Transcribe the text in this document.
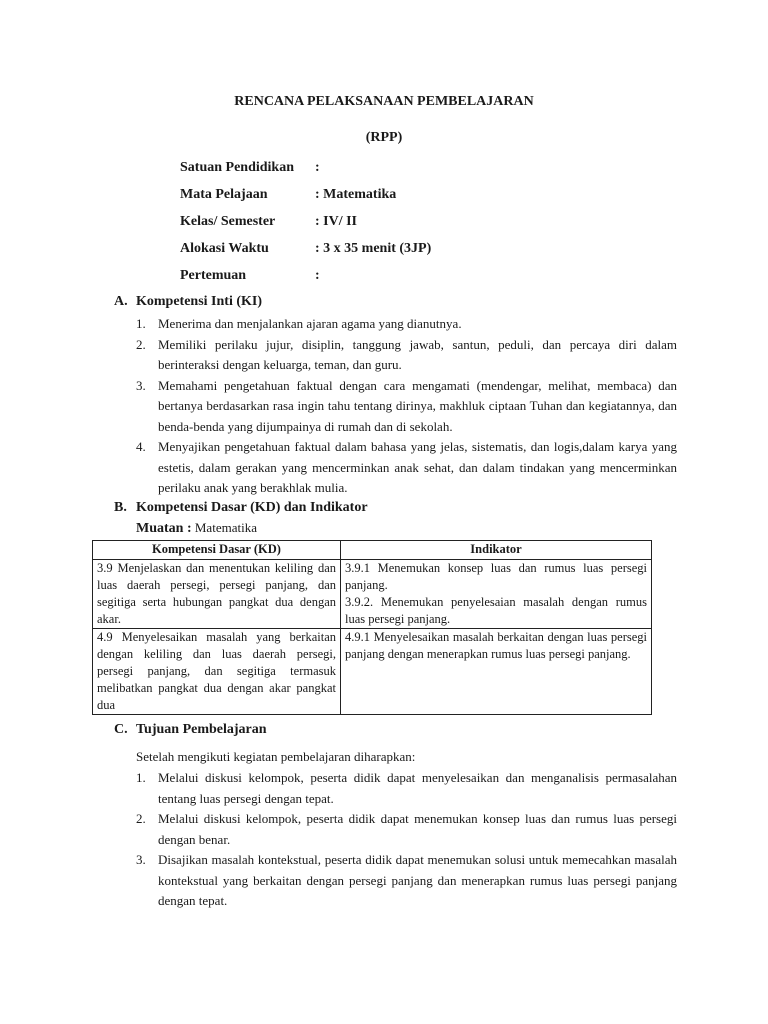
RENCANA PELAKSANAAN PEMBELAJARAN
(RPP)
Satuan Pendidikan :
Mata Pelajaan	: Matematika
Kelas/ Semester	: IV/ II
Alokasi Waktu	: 3 x 35 menit (3JP)
Pertemuan	:
A. Kompetensi Inti (KI)
1. Menerima dan menjalankan ajaran agama yang dianutnya.
2. Memiliki perilaku jujur, disiplin, tanggung jawab, santun, peduli, dan percaya diri dalam berinteraksi dengan keluarga, teman, dan guru.
3. Memahami pengetahuan faktual dengan cara mengamati (mendengar, melihat, membaca) dan bertanya berdasarkan rasa ingin tahu tentang dirinya, makhluk ciptaan Tuhan dan kegiatannya, dan benda-benda yang dijumpainya di rumah dan di sekolah.
4. Menyajikan pengetahuan faktual dalam bahasa yang jelas, sistematis, dan logis,dalam karya yang estetis, dalam gerakan yang mencerminkan anak sehat, dan dalam tindakan yang mencerminkan perilaku anak yang berakhlak mulia.
B. Kompetensi Dasar (KD) dan Indikator
Muatan : Matematika
Kompetensi Dasar (KD)	Indikator
3.9 Menjelaskan dan menentukan keliling dan luas daerah persegi, persegi panjang, dan segitiga serta hubungan pangkat dua dengan akar.	3.9.1 Menemukan konsep luas dan rumus luas persegi panjang.
3.9.2. Menemukan penyelesaian masalah dengan rumus luas persegi panjang.

4.9 Menyelesaikan masalah yang berkaitan dengan keliling dan luas daerah persegi, persegi panjang, dan segitiga termasuk melibatkan pangkat dua dengan akar pangkat dua	4.9.1 Menyelesaikan masalah berkaitan dengan luas persegi panjang dengan menerapkan rumus luas persegi panjang.
C. Tujuan Pembelajaran
Setelah mengikuti kegiatan pembelajaran diharapkan:
1. Melalui diskusi kelompok, peserta didik dapat menyelesaikan dan menganalisis permasalahan tentang luas persegi dengan tepat.
2. Melalui diskusi kelompok, peserta didik dapat menemukan konsep luas dan rumus luas persegi dengan benar.
3. Disajikan masalah kontekstual, peserta didik dapat menemukan solusi untuk memecahkan masalah kontekstual yang berkaitan dengan persegi panjang dan menerapkan rumus luas persegi panjang dengan tepat.
